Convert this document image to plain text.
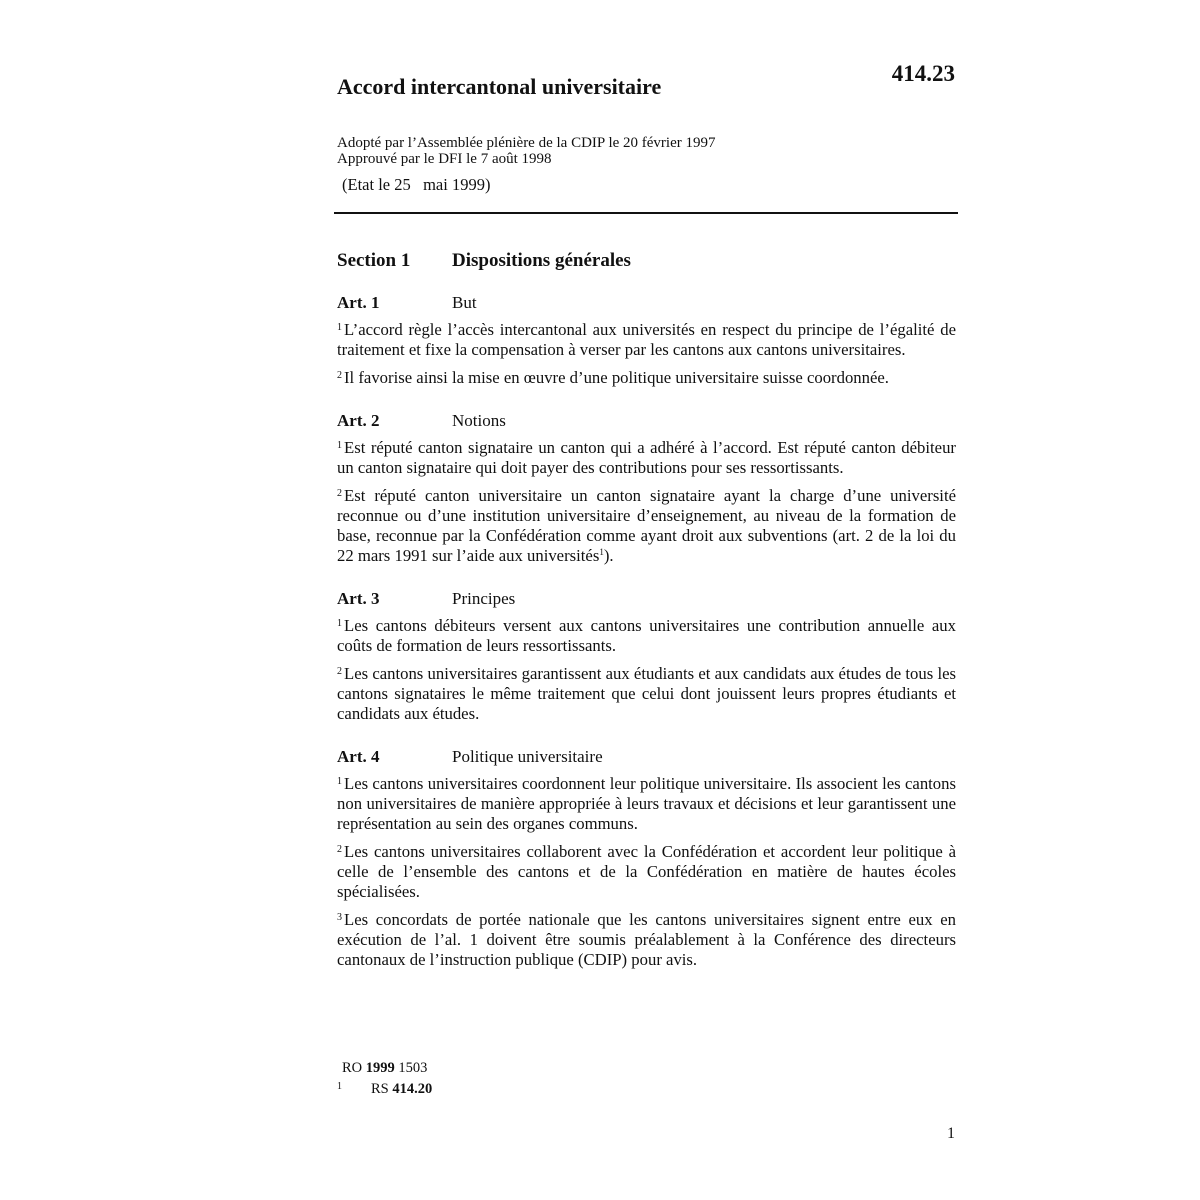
414.23
Accord intercantonal universitaire
Adopté par l’Assemblée plénière de la CDIP le 20 février 1997
Approuvé par le DFI le 7 août 1998
(Etat le 25   mai 1999)
Section 1 Dispositions générales
Art. 1	But

$^1$ L’accord règle l’accès intercantonal aux universités en respect du principe de l’égalité de traitement et fixe la compensation à verser par les cantons aux cantons universitaires.

$^2$ Il favorise ainsi la mise en œuvre d’une politique universitaire suisse coordonnée.

Art. 2	Notions

$^1$ Est réputé canton signataire un canton qui a adhéré à l’accord. Est réputé canton débiteur un canton signataire qui doit payer des contributions pour ses ressortissants.

$^2$ Est réputé canton universitaire un canton signataire ayant la charge d’une université reconnue ou d’une institution universitaire d’enseignement, au niveau de la formation de base, reconnue par la Confédération comme ayant droit aux subventions (art. 2 de la loi du 22 mars 1991 sur l’aide aux universités$^1$).

Art. 3	Principes

$^1$ Les cantons débiteurs versent aux cantons universitaires une contribution annuelle aux coûts de formation de leurs ressortissants.

$^2$ Les cantons universitaires garantissent aux étudiants et aux candidats aux études de tous les cantons signataires le même traitement que celui dont jouissent leurs propres étudiants et candidats aux études.

Art. 4	Politique universitaire

$^1$ Les cantons universitaires coordonnent leur politique universitaire. Ils associent les cantons non universitaires de manière appropriée à leurs travaux et décisions et leur garantissent une représentation au sein des organes communs.

$^2$ Les cantons universitaires collaborent avec la Confédération et accordent leur politique à celle de l’ensemble des cantons et de la Confédération en matière de hautes écoles spécialisées.

$^3$ Les concordats de portée nationale que les cantons universitaires signent entre eux en exécution de l’al. 1 doivent être soumis préalablement à la Conférence des directeurs cantonaux de l’instruction publique (CDIP) pour avis.

RO 1999 1503
$^1$ RS 414.20
1
